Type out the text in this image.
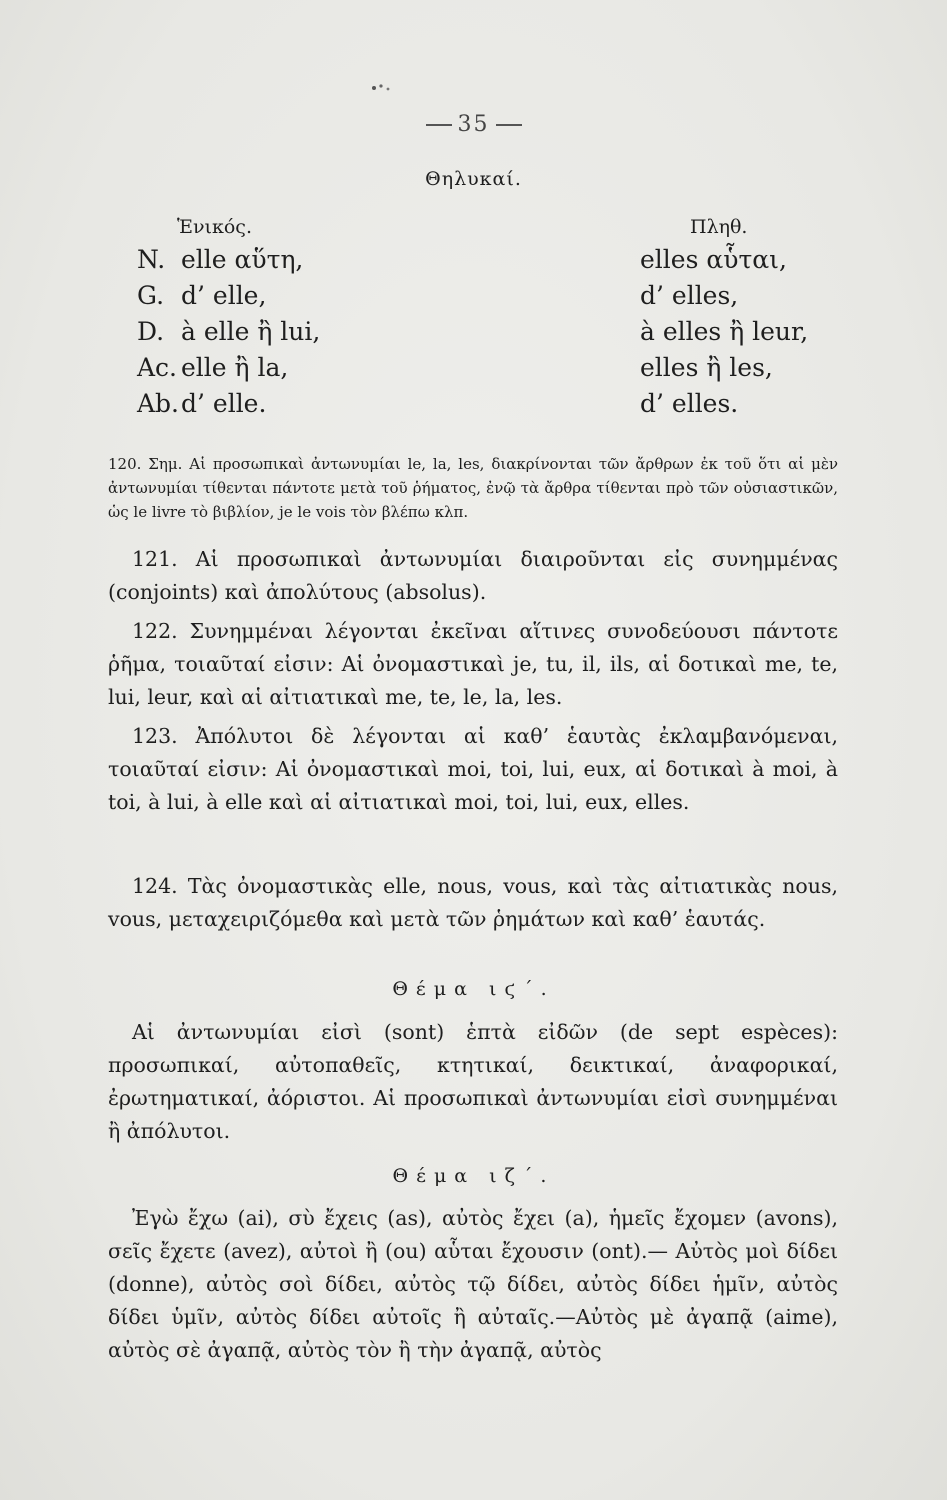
35
Θηλυκαί.
Ἑνικός.
N. elle αὕτη,
G. d’ elle,
D. à elle ἢ lui,
Ac. elle ἢ la,
Ab.d’ elle.
Πληθ.
elles αὗται,
d’ elles,
à elles ἢ leur,
elles ἢ les,
d’ elles.
120. Σημ. Αἱ προσωπικαὶ ἀντωνυμίαι le, la, les, διακρίνονται τῶν ἄρθρων ἐκ τοῦ ὅτι αἱ μὲν ἀντωνυμίαι τίθενται πάντοτε μετὰ τοῦ ῥήματος, ἐνῷ τὰ ἄρθρα τίθενται πρὸ τῶν οὐσιαστικῶν, ὡς le livre τὸ βιβλίον, je le vois τὸν βλέπω κλπ.
121. Αἱ προσωπικαὶ ἀντωνυμίαι διαιροῦνται εἰς συνημμένας (conjoints) καὶ ἀπολύτους (absolus).
122. Συνημμέναι λέγονται ἐκεῖναι αἵτινες συνοδεύουσι πάντοτε ῥῆμα, τοιαῦταί εἰσιν: Αἱ ὀνομαστικαὶ je, tu, il, ils, αἱ δοτικαὶ me, te, lui, leur, καὶ αἱ αἰτιατικαὶ me, te, le, la, les.
123. Ἀπόλυτοι δὲ λέγονται αἱ καθ’ ἑαυτὰς ἐκλαμβανόμεναι, τοιαῦταί εἰσιν: Αἱ ὀνομαστικαὶ moi, toi, lui, eux, αἱ δοτικαὶ à moi, à toi, à lui, à elle καὶ αἱ αἰτιατικαὶ moi, toi, lui, eux, elles.
124. Τὰς ὀνομαστικὰς elle, nous, vous, καὶ τὰς αἰτιατικὰς nous, vous, μεταχειριζόμεθα καὶ μετὰ τῶν ῥημάτων καὶ καθ’ ἑαυτάς.
Θέμα ιϛ΄.
Αἱ ἀντωνυμίαι εἰσὶ (sont) ἑπτὰ εἰδῶν (de sept espèces): προσωπικαί, αὐτοπαθεῖς, κτητικαί, δεικτικαί, ἀναφορικαί, ἐρωτηματικαί, ἀόριστοι. Αἱ προσωπικαὶ ἀντωνυμίαι εἰσὶ συνημμέναι ἢ ἀπόλυτοι.
Θέμα ιζ΄.
Ἐγὼ ἔχω (ai), σὺ ἔχεις (as), αὐτὸς ἔχει (a), ἡμεῖς ἔχομεν (avons), σεῖς ἔχετε (avez), αὐτοὶ ἢ (ou) αὗται ἔχουσιν (ont).— Αὐτὸς μοὶ δίδει (donne), αὐτὸς σοὶ δίδει, αὐτὸς τῷ δίδει, αὐτὸς δίδει ἡμῖν, αὐτὸς δίδει ὑμῖν, αὐτὸς δίδει αὐτοῖς ἢ αὐταῖς.—Αὐτὸς μὲ ἀγαπᾷ (aime), αὐτὸς σὲ ἀγαπᾷ, αὐτὸς τὸν ἢ τὴν ἀγαπᾷ, αὐτὸς
